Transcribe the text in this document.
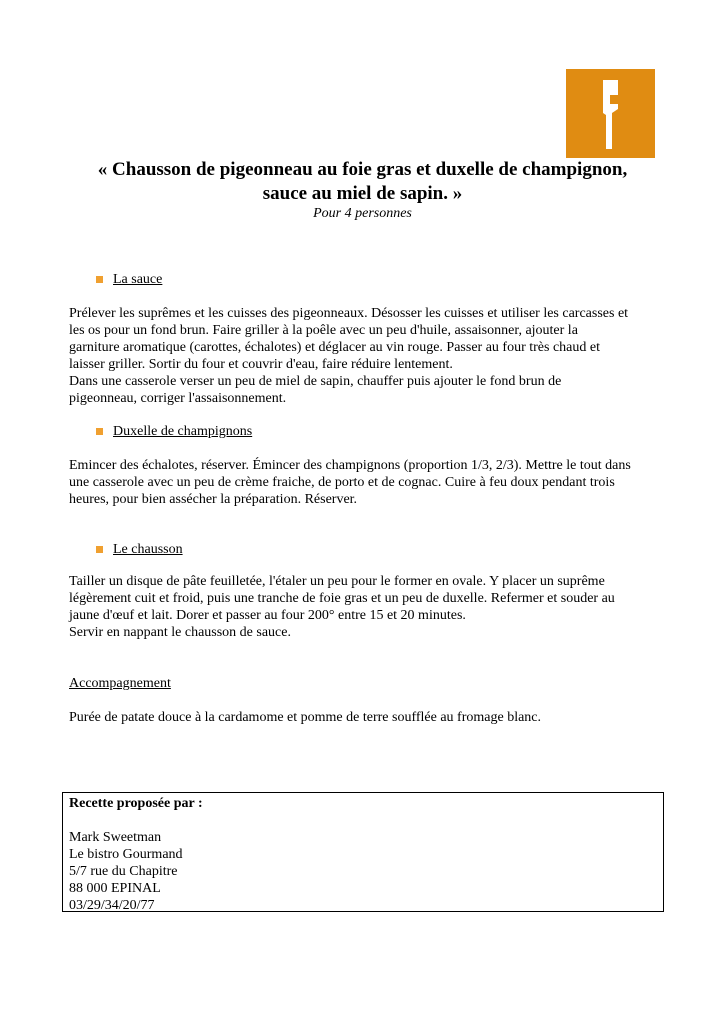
« Chausson de pigeonneau au foie gras et duxelle de champignon,
sauce au miel de sapin. »
Pour 4 personnes
La sauce
Prélever les suprêmes et les cuisses des pigeonneaux. Désosser les cuisses et utiliser les carcasses et
les os pour un fond brun. Faire griller à la poêle avec un peu d'huile, assaisonner, ajouter la
garniture aromatique (carottes, échalotes) et déglacer au vin rouge. Passer au four très chaud et
laisser griller. Sortir du four et couvrir d'eau, faire réduire lentement.
Dans une casserole verser un peu de miel de sapin, chauffer puis ajouter le fond brun de
pigeonneau, corriger l'assaisonnement.
Duxelle de champignons
Emincer des échalotes, réserver. Émincer des champignons (proportion 1/3, 2/3). Mettre le tout dans
une casserole avec un peu de crème fraiche, de porto et de cognac. Cuire à feu doux pendant trois
heures, pour bien assécher la préparation. Réserver.
Le chausson
Tailler un disque de pâte feuilletée, l'étaler un peu pour le former en ovale. Y placer un suprême
légèrement cuit et froid, puis une tranche de foie gras et un peu de duxelle. Refermer et souder au
jaune d'œuf et lait. Dorer et passer au four 200° entre 15 et 20 minutes.
Servir en nappant le chausson de sauce.
Accompagnement
Purée de patate douce à la cardamome et pomme de terre soufflée au fromage blanc.
Recette proposée par :

Mark Sweetman
Le bistro Gourmand
5/7 rue du Chapitre
88 000 EPINAL
03/29/34/20/77
